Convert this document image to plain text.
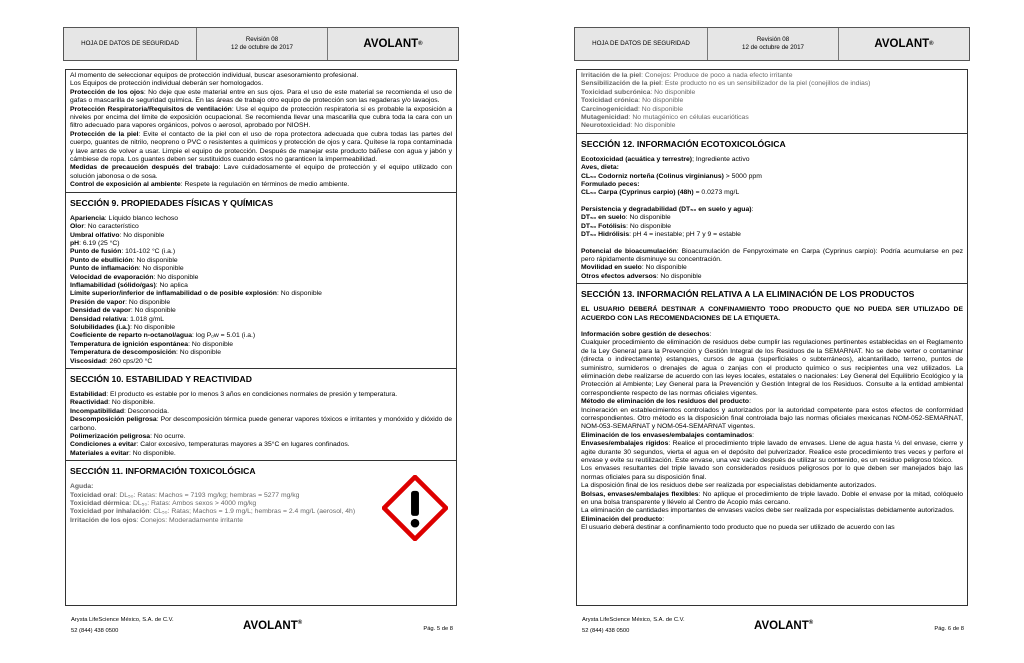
HOJA DE DATOS DE SEGURIDAD
Revisión 08
12 de octubre de 2017	AVOLANT ®

Al momento de seleccionar equipos de protección individual, buscar asesoramiento profesional.

Los Equipos de protección individual deberán ser homologados.

Protección de los ojos: No deje que este material entre en sus ojos. Para el uso de este material se recomienda el uso de gafas o mascarilla de seguridad química. En las áreas de trabajo otro equipo de protección son las regaderas y/o lavaojos.

Protección Respiratoria/Requisitos de ventilación: Use el equipo de protección respiratoria si es probable la exposición a niveles por encima del límite de exposición ocupacional. Se recomienda llevar una mascarilla que cubra toda la cara con un filtro adecuado para vapores orgánicos, polvos o aerosol, aprobado por NIOSH.

Protección de la piel: Evite el contacto de la piel con el uso de ropa protectora adecuada que cubra todas las partes del cuerpo, guantes de nitrilo, neopreno o PVC o resistentes a químicos y protección de ojos y cara. Quítese la ropa contaminada y lave antes de volver a usar. Limpie el equipo de protección. Después de manejar este producto báñese con agua y jabón y cámbiese de ropa. Los guantes deben ser sustituidos cuando estos no garanticen la impermeabilidad.

Medidas de precaución después del trabajo: Lave cuidadosamente el equipo de protección y el equipo utilizado con solución jabonosa o de sosa.

Control de exposición al ambiente: Respete la regulación en términos de medio ambiente.

SECCIÓN 9. PROPIEDADES FÍSICAS Y QUÍMICAS

Apariencia: Líquido blanco lechoso

Olor: No característico

Umbral olfativo: No disponible

pH: 6.19 (25 °C)

Punto de fusión: 101-102 °C (i.a.)

Punto de ebullición: No disponible

Punto de inflamación: No disponible

Velocidad de evaporación: No disponible

Inflamabilidad (sólido/gas): No aplica

Límite superior/inferior de inflamabilidad o de posible explosión: No disponible

Presión de vapor: No disponible

Densidad de vapor: No disponible

Densidad relativa: 1.018 g/mL

Solubilidades (i.a.): No disponible

Coeficiente de reparto n-octanol/agua: log Pₒw = 5.01 (i.a.)

Temperatura de ignición espontánea: No disponible

Temperatura de descomposición: No disponible

Viscosidad: 260 cps/20 °C

SECCIÓN 10. ESTABILIDAD Y REACTIVIDAD

Estabilidad: El producto es estable por lo menos 3 años en condiciones normales de presión y temperatura.

Reactividad: No disponible.

Incompatibilidad: Desconocida.

Descomposición peligrosa: Por descomposición térmica puede generar vapores tóxicos e irritantes y monóxido y dióxido de carbono.

Polimerización peligrosa: No ocurre.

Condiciones a evitar: Calor excesivo, temperaturas mayores a 35°C en lugares confinados.

Materiales a evitar: No disponible.

SECCIÓN 11. INFORMACIÓN TOXICOLÓGICA

Aguda:

Toxicidad oral: DL₅₀: Ratas: Machos = 7193 mg/kg; hembras = 5277 mg/kg

Toxicidad dérmica: DL₅₀: Ratas: Ambos sexos > 4000 mg/kg

Toxicidad por inhalación: CL₅₀: Ratas; Machos = 1.9 mg/L; hembras = 2.4 mg/L (aerosol, 4h)

Irritación de los ojos: Conejos: Moderadamente irritante

Arysta LifeScience México, S.A. de C.V.
52 (844) 438 0500	AVOLANT®
Pág. 5 de 8
HOJA DE DATOS DE SEGURIDAD
Revisión 08
12 de octubre de 2017	AVOLANT ®

Irritación de la piel: Conejos: Produce de poco a nada efecto irritante

Sensibilización de la piel: Este producto no es un sensibilizador de la piel (conejillos de indias)

Toxicidad subcrónica: No disponible

Toxicidad crónica: No disponible

Carcinogenicidad: No disponible

Mutagenicidad: No mutagénico en células eucarióticas

Neurotoxicidad: No disponible

SECCIÓN 12. INFORMACIÓN ECOTOXICOLÓGICA

Ecotoxicidad (acuática y terrestre); Ingrediente activo

Aves, dieta:

CL₅₀ Codorniz norteña (Colinus virginianus) > 5000 ppm

Formulado peces:

CL₅₀ Carpa (Cyprinus carpio) (48h) = 0.0273 mg/L

Persistencia y degradabilidad (DT₅₀ en suelo y agua):

DT₅₀ en suelo: No disponible

DT₅₀ Fotólisis: No disponible

DT₅₀ Hidrólisis: pH 4 = inestable; pH 7 y 9 = estable

Potencial de bioacumulación: Bioacumulación de Fenpyroximate en Carpa (Cyprinus carpio): Podría acumularse en pez pero rápidamente disminuye su concentración.

Movilidad en suelo: No disponible

Otros efectos adversos: No disponible

SECCIÓN 13. INFORMACIÓN RELATIVA A LA ELIMINACIÓN DE LOS PRODUCTOS

EL USUARIO DEBERÁ DESTINAR A CONFINAMIENTO TODO PRODUCTO QUE NO PUEDA SER UTILIZADO DE ACUERDO CON LAS RECOMENDACIONES DE LA ETIQUETA.

Información sobre gestión de desechos:

Cualquier procedimiento de eliminación de residuos debe cumplir las regulaciones pertinentes establecidas en el Reglamento de la Ley General para la Prevención y Gestión Integral de los Residuos de la SEMARNAT. No se debe verter o contaminar (directa o indirectamente) estanques, cursos de agua (superficiales o subterráneos), alcantarillado, terreno, puntos de suministro, sumideros o drenajes de agua o zanjas con el producto químico o sus recipientes una vez utilizados. La eliminación debe realizarse de acuerdo con las leyes locales, estatales o nacionales: Ley General del Equilibrio Ecológico y la Protección al Ambiente; Ley General para la Prevención y Gestión Integral de los Residuos. Consulte a la entidad ambiental correspondiente respecto de las normas oficiales vigentes.

Método de eliminación de los residuos del producto:

Incineración en establecimientos controlados y autorizados por la autoridad competente para estos efectos de conformidad correspondientes. Otro método es la disposición final controlada bajo las normas oficiales mexicanas NOM-052-SEMARNAT, NOM-053-SEMARNAT y NOM-054-SEMARNAT vigentes.

Eliminación de los envases/embalajes contaminados:

Envases/embalajes rígidos: Realice el procedimiento triple lavado de envases. Llene de agua hasta ¼ del envase, cierre y agite durante 30 segundos, vierta el agua en el depósito del pulverizador. Realice este procedimiento tres veces y perfore el envase y evite su reutilización. Este envase, una vez vacío después de utilizar su contenido, es un residuo peligroso tóxico.

Los envases resultantes del triple lavado son considerados residuos peligrosos por lo que deben ser manejados bajo las normas oficiales para su disposición final.

La disposición final de los residuos debe ser realizada por especialistas debidamente autorizados.

Bolsas, envases/embalajes flexibles: No aplique el procedimiento de triple lavado. Doble el envase por la mitad, colóquelo en una bolsa transparente y llévelo al Centro de Acopio más cercano.

La eliminación de cantidades importantes de envases vacíos debe ser realizada por especialistas debidamente autorizados.

Eliminación del producto:

El usuario deberá destinar a confinamiento todo producto que no pueda ser utilizado de acuerdo con las

Arysta LifeScience México, S.A. de C.V.
52 (844) 438 0500	AVOLANT®
Pág. 6 de 8
